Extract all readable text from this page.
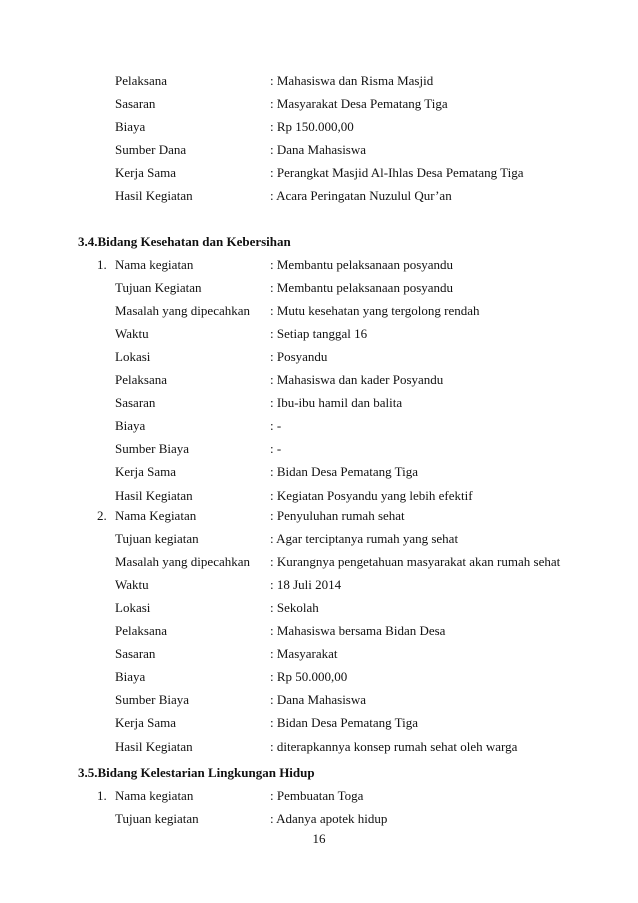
Pelaksana	: Mahasiswa dan Risma Masjid
Sasaran	: Masyarakat Desa Pematang Tiga
Biaya	: Rp 150.000,00
Sumber Dana	: Dana Mahasiswa
Kerja Sama	: Perangkat Masjid Al-Ihlas Desa Pematang Tiga
Hasil Kegiatan	: Acara Peringatan Nuzulul Qur’an
1. Nama kegiatan	: Membantu pelaksanaan posyandu
Tujuan Kegiatan	: Membantu pelaksanaan posyandu
Masalah yang dipecahkan : Mutu kesehatan yang tergolong rendah
Waktu	: Setiap tanggal 16
Lokasi	: Posyandu
Pelaksana	: Mahasiswa dan kader Posyandu
Sasaran	: Ibu-ibu hamil dan balita
Biaya	: -
Sumber Biaya	: -
Kerja Sama	: Bidan Desa Pematang Tiga
Hasil Kegiatan	: Kegiatan Posyandu yang lebih efektif
2. Nama Kegiatan	: Penyuluhan rumah sehat
Tujuan kegiatan	: Agar terciptanya rumah yang sehat
Masalah yang dipecahkan : Kurangnya pengetahuan masyarakat akan rumah sehat
Waktu	: 18 Juli 2014
Lokasi	: Sekolah
Pelaksana	: Mahasiswa bersama Bidan Desa
Sasaran	: Masyarakat
Biaya	: Rp 50.000,00
Sumber Biaya	: Dana Mahasiswa
Kerja Sama	: Bidan Desa Pematang Tiga
Hasil Kegiatan	: diterapkannya konsep rumah sehat oleh warga
1. Nama kegiatan	: Pembuatan Toga
Tujuan kegiatan	: Adanya apotek hidup
3.4.Bidang Kesehatan dan Kebersihan
3.5.Bidang Kelestarian Lingkungan Hidup
16
